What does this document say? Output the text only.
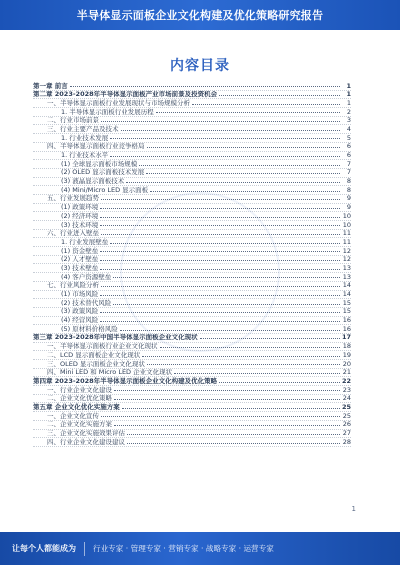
半导体显示面板企业文化构建及优化策略研究报告
内容目录
第一章 前言	1
第二章 2023-2028年半导体显示面板产业市场前景及投资机会	1
一、半导体显示面板行业发展现状与市场规模分析	1
1. 半导体显示面板行业发展历程	2
二、行业市场前景	3
三、行业主要产品及技术	4
1. 行业技术发展	5
四、半导体显示面板行业竞争格局	6
1. 行业技术水平	6
(1) 全球显示面板市场规模	7
(2) OLED 显示面板技术发展	7
(3) 液晶显示面板技术	8
(4) Mini/Micro LED 显示面板	8
五、行业发展趋势	9
(1) 政策环境	9
(2) 经济环境	10
(3) 技术环境	10
六、行业进入壁垒	11
1. 行业发展壁垒	11
(1) 资金壁垒	12
(2) 人才壁垒	12
(3) 技术壁垒	13
(4) 客户资源壁垒	13
七、行业风险分析	14
(1) 市场风险	14
(2) 技术替代风险	15
(3) 政策风险	15
(4) 经营风险	16
(5) 原材料价格风险	16
第三章 2023-2028年中国半导体显示面板企业文化现状	17
一、半导体显示面板行业企业文化现状	18
二、LCD 显示面板企业文化现状	19
三、OLED 显示面板企业文化现状	20
四、Mini LED 和 Micro LED 企业文化现状	21
第四章 2023-2028年半导体显示面板企业文化构建及优化策略	22
一、行业企业文化建设	23
二、企业文化优化策略	24
第五章 企业文化优化实施方案	25
一、企业文化宣传	25
二、企业文化实施方案	26
三、企业文化实施效果评估	27
四、行业企业文化建设建议	28
1
让每个人都能成为 行业专家 · 管理专家 · 营销专家 · 战略专家 · 运营专家
